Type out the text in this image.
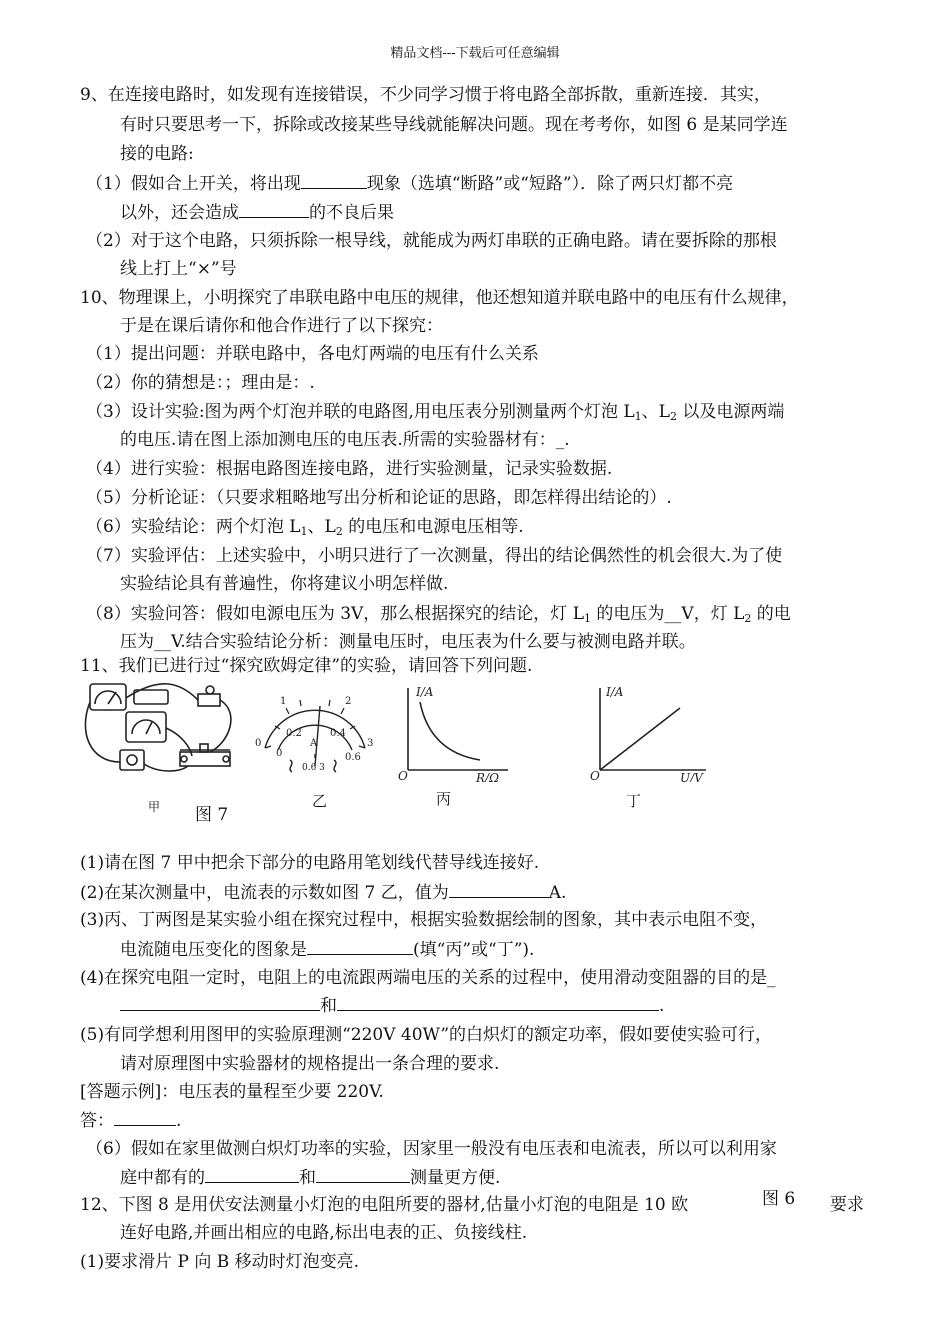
精品文档---下载后可任意编辑
9、在连接电路时，如发现有连接错误，不少同学习惯于将电路全部拆散，重新连接．其实，
有时只要思考一下，拆除或改接某些导线就能解决问题。现在考考你，如图 6 是某同学连
接的电路:
（1）假如合上开关，将出现	现象（选填“断路”或“短路”）．除了两只灯都不亮
以外，还会造成	的不良后果
（2）对于这个电路，只须拆除一根导线，就能成为两灯串联的正确电路。请在要拆除的那根
线上打上“×”号
10、物理课上，小明探究了串联电路中电压的规律，他还想知道并联电路中的电压有什么规律，
于是在课后请你和他合作进行了以下探究：
（1）提出问题：并联电路中，各电灯两端的电压有什么关系
（2）你的猜想是：；理由是：.
（3）设计实验:图为两个灯泡并联的电路图,用电压表分别测量两个灯泡 $L_1$、$L_2$ 以及电源两端
的电压.请在图上添加测电压的电压表.所需的实验器材有：_.
（4）进行实验：根据电路图连接电路，进行实验测量，记录实验数据.
（5）分析论证：（只要求粗略地写出分析和论证的思路，即怎样得出结论的）.
（6）实验结论：两个灯泡 $L_1$、$L_2$ 的电压和电源电压相等.
（7）实验评估：上述实验中，小明只进行了一次测量，得出的结论偶然性的机会很大.为了使
实验结论具有普遍性，你将建议小明怎样做.
（8）实验问答：假如电源电压为 3V，那么根据探究的结论，灯 $L_1$ 的电压为__V，灯 $L_2$ 的电
压为__V.结合实验结论分析：测量电压时，电压表为什么要与被测电路并联。
11、我们已进行过“探究欧姆定律”的实验，请回答下列问题.
甲 图 7
0
1	2
3
0
0.2	0.4
0.6
A
0.6 3
乙
I/A
R/Ω
O
丙
I/A
U/V
O
丁
(1)请在图 7 甲中把余下部分的电路用笔划线代替导线连接好.
(2)在某次测量中，电流表的示数如图 7 乙，值为	A.
(3)丙、丁两图是某实验小组在探究过程中，根据实验数据绘制的图象，其中表示电阻不变，
电流随电压变化的图象是	(填“丙”或“丁”).
(4)在探究电阻一定时，电阻上的电流跟两端电压的关系的过程中，使用滑动变阻器的目的是_
和	.
(5)有同学想利用图甲的实验原理测“220V 40W”的白炽灯的额定功率，假如要使实验可行，
请对原理图中实验器材的规格提出一条合理的要求.
[答题示例]：电压表的量程至少要 220V.
答：	.
（6）假如在家里做测白炽灯功率的实验，因家里一般没有电压表和电流表，所以可以利用家
庭中都有的	和	测量更方便.
12、下图 8 是用伏安法测量小灯泡的电阻所要的器材,估量小灯泡的电阻是 10 欧	图 6 要求
连好电路,并画出相应的电路,标出电表的正、负接线柱.
(1)要求滑片 P 向 B 移动时灯泡变亮.
